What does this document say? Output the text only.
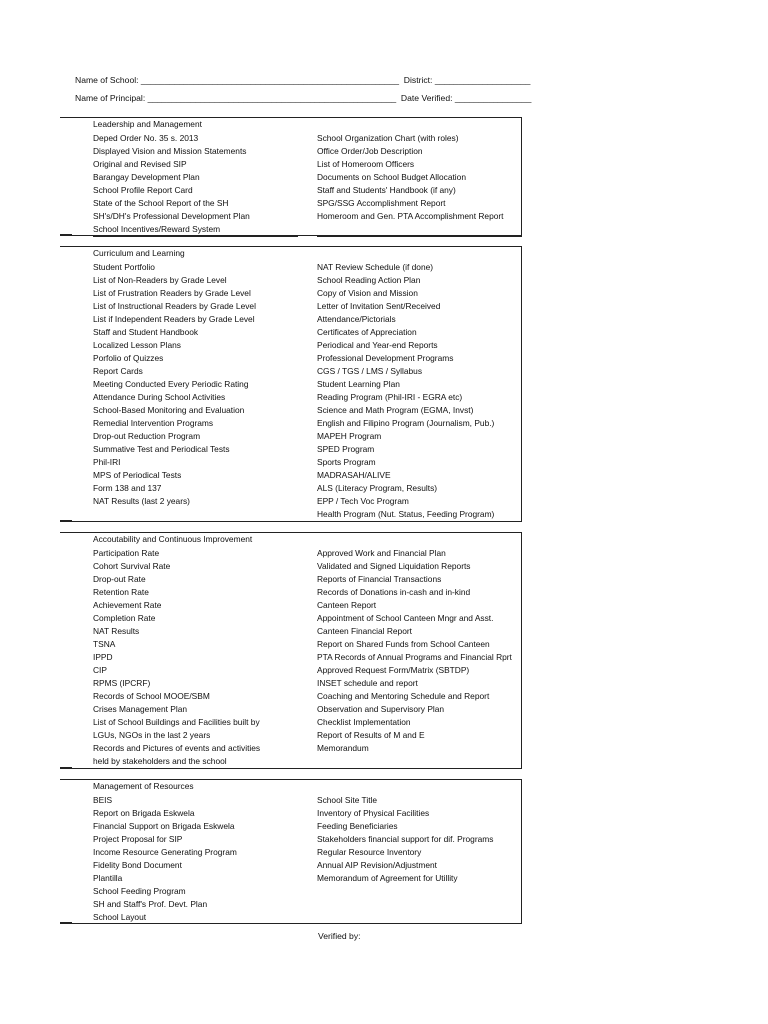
Name of School: ______________________________________________________  District: ____________________
Name of Principal: ____________________________________________________  Date Verified: ________________
Leadership and Management
Deped Order No. 35 s. 2013
Displayed Vision and Mission Statements
Original and Revised SIP
Barangay Development Plan
School Profile Report Card
State of the School Report of the SH
SH's/DH's Professional Development Plan
School Incentives/Reward System
School Organization Chart (with roles)
Office Order/Job Description
List of Homeroom Officers
Documents on School Budget Allocation
Staff and Students' Handbook (if any)
SPG/SSG Accomplishment Report
Homeroom and Gen. PTA Accomplishment Report
Curriculum and Learning
Student Portfolio
List of Non-Readers by Grade Level
List of Frustration Readers by Grade Level
List of Instructional Readers by Grade Level
List if Independent Readers by Grade Level
Staff and Student Handbook
Localized Lesson Plans
Porfolio of Quizzes
Report Cards
Meeting Conducted Every Periodic Rating
Attendance During School Activities
School-Based Monitoring and Evaluation
Remedial Intervention Programs
Drop-out Reduction Program
Summative Test and Periodical Tests
Phil-IRI
MPS of Periodical Tests
Form 138 and 137
NAT Results (last 2 years)
NAT Review Schedule (if done)
School Reading Action Plan
Copy of Vision and Mission
Letter of Invitation Sent/Received
Attendance/Pictorials
Certificates of Appreciation
Periodical and Year-end Reports
Professional Development Programs
CGS / TGS / LMS / Syllabus
Student Learning Plan
Reading Program (Phil-IRI - EGRA etc)
Science and Math Program (EGMA, Invst)
English and Filipino Program (Journalism, Pub.)
MAPEH Program
SPED Program
Sports Program
MADRASAH/ALIVE
ALS (Literacy Program, Results)
EPP / Tech Voc Program
Health Program (Nut. Status, Feeding Program)
Accoutability and Continuous Improvement
Participation Rate
Cohort Survival Rate
Drop-out Rate
Retention Rate
Achievement Rate
Completion Rate
NAT Results
TSNA
IPPD
CIP
RPMS (IPCRF)
Records of School MOOE/SBM
Crises Management Plan
List of School Buildings and Facilities built by
LGUs, NGOs in the last 2 years
Records and Pictures of events and activities
held by stakeholders and the school
Approved Work and Financial Plan
Validated and Signed Liquidation Reports
Reports of Financial Transactions
Records of Donations in-cash and in-kind
Canteen Report
Appointment of School Canteen Mngr and Asst.
Canteen Financial Report
Report on Shared Funds from School Canteen
PTA Records of Annual Programs and Financial Rprt
Approved Request Form/Matrix (SBTDP)
INSET schedule and report
Coaching and Mentoring Schedule and Report
Observation and Supervisory Plan
Checklist Implementation
Report of Results of M and E
Memorandum
Management of Resources
BEIS
Report on Brigada Eskwela
Financial Support on Brigada Eskwela
Project Proposal for SIP
Income Resource Generating Program
Fidelity Bond Document
Plantilla
School Feeding Program
SH and Staff's Prof. Devt. Plan
School Layout
School Site Title
Inventory of Physical Facilities
Feeding Beneficiaries
Stakeholders financial support for dif. Programs
Regular Resource Inventory
Annual AIP Revision/Adjustment
Memorandum of Agreement for Utillity
Verified by:
